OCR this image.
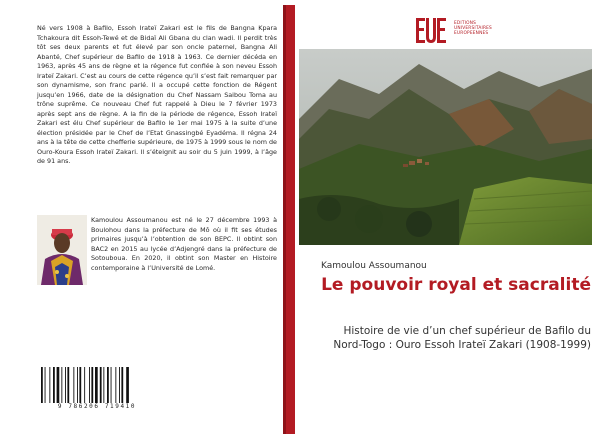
Né vers 1908 à Bafilo, Essoh Irateï Zakari est le fils de Bangna Kpara Tchakoura dit Essoh-Tewé et de Bidaï Ali Gbana du clan wadi. Il perdit très tôt ses deux parents et fut élevé par son oncle paternel, Bangna Ali Abanté, Chef supérieur de Bafilo de 1918 à 1963. Ce dernier décéda en 1963, après 45 ans de règne et la régence fut confiée à son neveu Essoh Irateï Zakari. C’est au cours de cette régence qu’il s’est fait remarquer par son dynamisme, son franc parlé. Il a occupé cette fonction de Régent jusqu’en 1966, date de la désignation du Chef Nassam Saibou Toma au trône suprême. Ce nouveau Chef fut rappelé à Dieu le 7 février 1973 après sept ans de règne. A la fin de la période de régence, Essoh Irateï Zakari est élu Chef supérieur de Bafilo le 1er mai 1975 à la suite d’une élection présidée par le Chef de l’Etat Gnassingbé Eyadéma. Il régna 24 ans à la tête de cette chefferie supérieure, de 1975 à 1999 sous le nom de Ouro-Koura Essoh Irateï Zakari. Il s’éteignit au soir du 5 juin 1999, à l’âge de 91 ans.
Kamoulou Assoumanou est né le 27 décembre 1993 à Boulohou dans la préfecture de Mô où il fit ses études primaires jusqu’à l’obtention de son BEPC. Il obtint son BAC2 en 2015 au lycée d’Adjengré dans la préfecture de Sotouboua. En 2020, il obtint son Master en Histoire contemporaine à l’Université de Lomé.
9 786206 719410
EDITIONS
UNIVERSITAIRES
EUROPEENNES
Kamoulou Assoumanou
Le pouvoir royal et sacralité
Histoire de vie d’un chef supérieur de Bafilo du Nord-Togo : Ouro Essoh Irateï Zakari (1908-1999)
